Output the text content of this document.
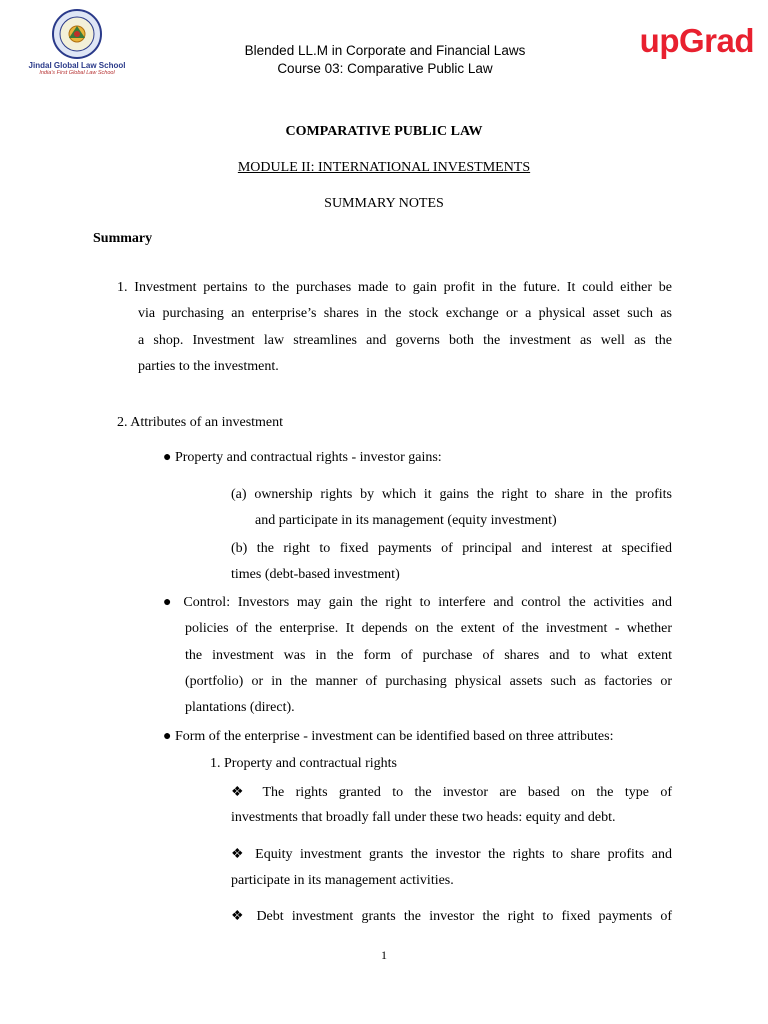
Jindal Global Law School
India's First Global Law School
Blended LL.M in Corporate and Financial Laws
Course 03: Comparative Public Law
upGrad
COMPARATIVE PUBLIC LAW
MODULE II: INTERNATIONAL INVESTMENTS
SUMMARY NOTES
Summary
1. Investment pertains to the purchases made to gain profit in the future. It could either be
via purchasing an enterprise’s shares in the stock exchange or a physical asset such as
a shop. Investment law streamlines and governs both the investment as well as the
parties to the investment.
2. Attributes of an investment
● Property and contractual rights - investor gains:
(a) ownership rights by which it gains the right to share in the profits
and participate in its management (equity investment)
(b) the right to fixed payments of principal and interest at specified
times (debt-based investment)
● Control: Investors may gain the right to interfere and control the activities and
policies of the enterprise. It depends on the extent of the investment - whether
the investment was in the form of purchase of shares and to what extent
(portfolio) or in the manner of purchasing physical assets such as factories or
plantations (direct).
● Form of the enterprise - investment can be identified based on three attributes:
1. Property and contractual rights
❖ The rights granted to the investor are based on the type of
investments that broadly fall under these two heads: equity and debt.
❖ Equity investment grants the investor the rights to share profits and
participate in its management activities.
❖ Debt investment grants the investor the right to fixed payments of
1
